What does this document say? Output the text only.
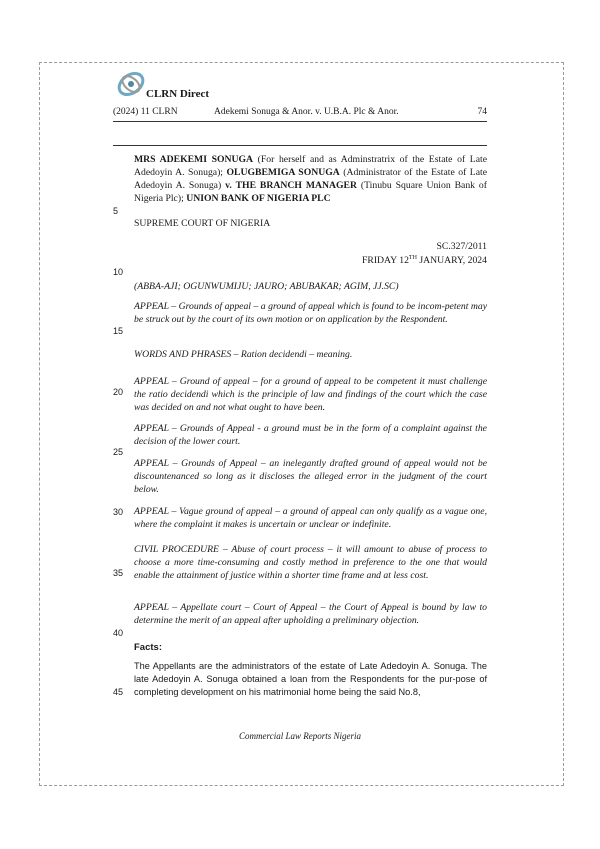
CLRN Direct
(2024) 11 CLRN	Adekemi Sonuga & Anor. v. U.B.A. Plc & Anor.	74
MRS ADEKEMI SONUGA (For herself and as Adminstratrix of the Estate of Late Adedoyin A. Sonuga); OLUGBEMIGA SONUGA (Administrator of the Estate of Late Adedoyin A. Sonuga) v. THE BRANCH MANAGER (Tinubu Square Union Bank of Nigeria Plc); UNION BANK OF NIGERIA PLC
SUPREME COURT OF NIGERIA
SC.327/2011
FRIDAY 12TH JANUARY, 2024
(ABBA-AJI; OGUNWUMIJU; JAURO; ABUBAKAR; AGIM, JJ.SC)
APPEAL – Grounds of appeal – a ground of appeal which is found to be incom-petent may be struck out by the court of its own motion or on application by the Respondent.
WORDS AND PHRASES – Ration decidendi – meaning.
APPEAL – Ground of appeal – for a ground of appeal to be competent it must challenge the ratio decidendi which is the principle of law and findings of the court which the case was decided on and not what ought to have been.
APPEAL – Grounds of Appeal - a ground must be in the form of a complaint against the decision of the lower court.
APPEAL – Grounds of Appeal – an inelegantly drafted ground of appeal would not be discountenanced so long as it discloses the alleged error in the judgment of the court below.
APPEAL – Vague ground of appeal – a ground of appeal can only qualify as a vague one, where the complaint it makes is uncertain or unclear or indefinite.
CIVIL PROCEDURE – Abuse of court process – it will amount to abuse of process to choose a more time-consuming and costly method in preference to the one that would enable the attainment of justice within a shorter time frame and at less cost.
APPEAL – Appellate court – Court of Appeal – the Court of Appeal is bound by law to determine the merit of an appeal after upholding a preliminary objection.
Facts:
The Appellants are the administrators of the estate of Late Adedoyin A. Sonuga. The late Adedoyin A. Sonuga obtained a loan from the Respondents for the pur-pose of completing development on his matrimonial home being the said No.8,
5
10
15
20
25
30
35
40
45
Commercial Law Reports Nigeria
